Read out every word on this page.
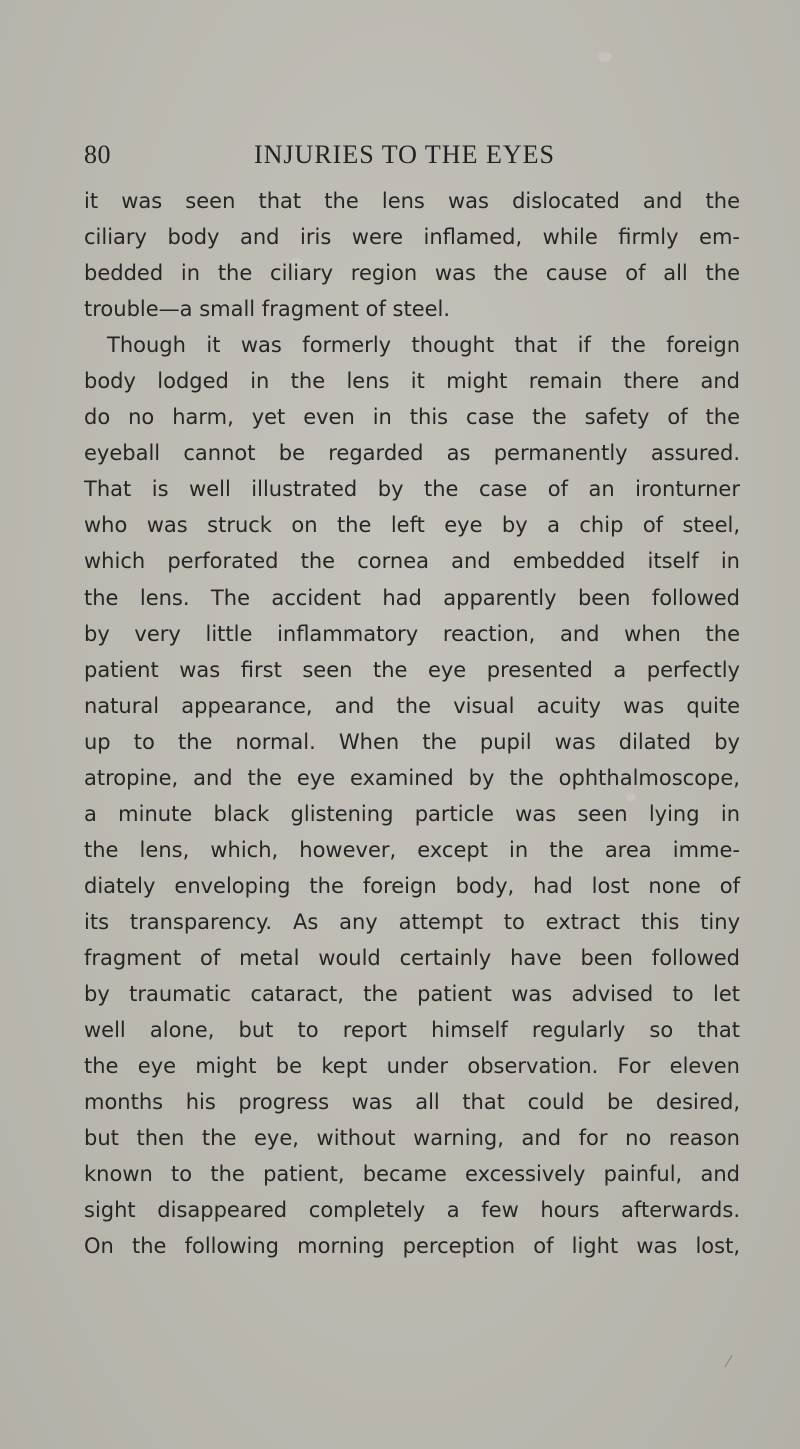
80	INJURIES TO THE EYES
it was seen that the lens was dislocated and the
ciliary body and iris were inflamed, while firmly em-
bedded in the ciliary region was the cause of all the
trouble—a small fragment of steel.
Though it was formerly thought that if the foreign
body lodged in the lens it might remain there and
do no harm, yet even in this case the safety of the
eyeball cannot be regarded as permanently assured.
That is well illustrated by the case of an ironturner
who was struck on the left eye by a chip of steel,
which perforated the cornea and embedded itself in
the lens. The accident had apparently been followed
by very little inflammatory reaction, and when the
patient was first seen the eye presented a perfectly
natural appearance, and the visual acuity was quite
up to the normal. When the pupil was dilated by
atropine, and the eye examined by the ophthalmoscope,
a minute black glistening particle was seen lying in
the lens, which, however, except in the area imme-
diately enveloping the foreign body, had lost none of
its transparency. As any attempt to extract this tiny
fragment of metal would certainly have been followed
by traumatic cataract, the patient was advised to let
well alone, but to report himself regularly so that
the eye might be kept under observation. For eleven
months his progress was all that could be desired,
but then the eye, without warning, and for no reason
known to the patient, became excessively painful, and
sight disappeared completely a few hours afterwards.
On the following morning perception of light was lost,
